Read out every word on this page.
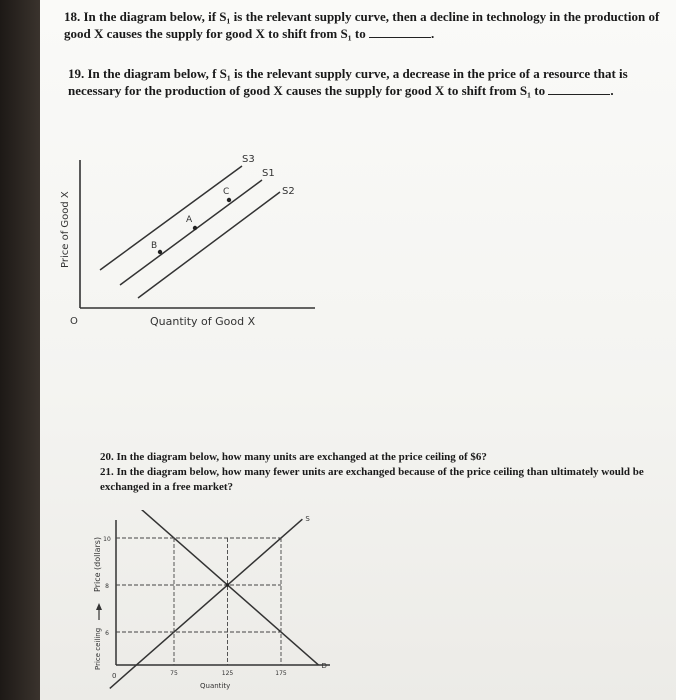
18. In the diagram below, if S₁ is the relevant supply curve, then a decline in technology in the production of good X causes the supply for good X to shift from S₁ to	.
19. In the diagram below, f S₁ is the relevant supply curve, a decrease in the price of a resource that is necessary for the production of good X causes the supply for good X to shift from S₁ to	.
Price of Good X
O	Quantity of Good X
S3
S1
S2
C
A
B
20. In the diagram below, how many units are exchanged at the price ceiling of $6?
21. In the diagram below, how many fewer units are exchanged because of the price ceiling than ultimately would be exchanged in a free market?
Price (dollars)
Price ceiling
0
Quantity
S
D
10
8
6
75	125	175
